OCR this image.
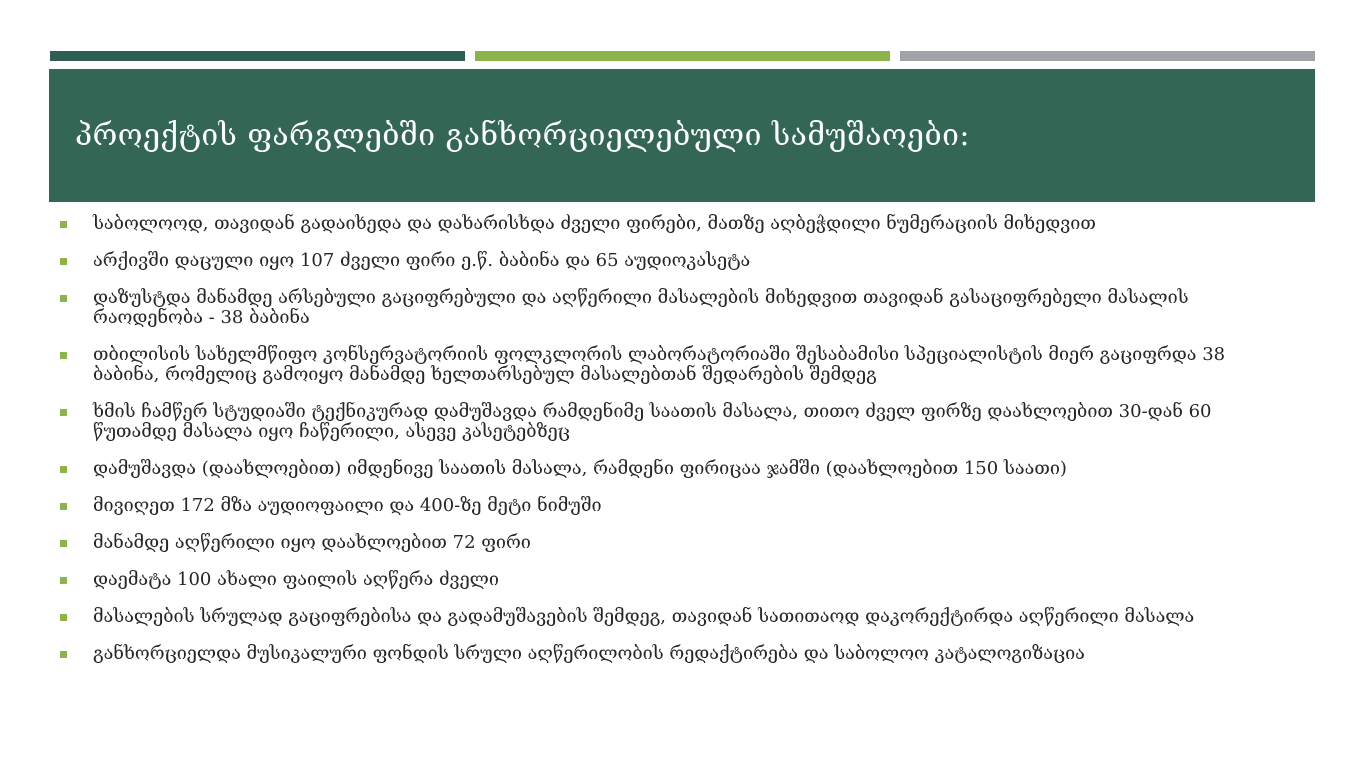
პროექტის ფარგლებში განხორციელებული სამუშაოები:
საბოლოოდ, თავიდან გადაიხედა და დახარისხდა ძველი ფირები, მათზე აღბეჭდილი ნუმერაციის მიხედვით
არქივში დაცული იყო 107 ძველი ფირი ე.წ. ბაბინა და 65 აუდიოკასეტა
დაზუსტდა მანამდე არსებული გაციფრებული და აღწერილი მასალების მიხედვით თავიდან გასაციფრებელი მასალის რაოდენობა - 38 ბაბინა
თბილისის სახელმწიფო კონსერვატორიის ფოლკლორის ლაბორატორიაში შესაბამისი სპეციალისტის მიერ გაციფრდა 38 ბაბინა, რომელიც გამოიყო მანამდე ხელთარსებულ მასალებთან შედარების შემდეგ
ხმის ჩამწერ სტუდიაში ტექნიკურად დამუშავდა რამდენიმე საათის მასალა, თითო ძველ ფირზე დაახლოებით 30-დან 60 წუთამდე მასალა იყო ჩაწერილი, ასევე კასეტებზეც
დამუშავდა (დაახლოებით) იმდენივე საათის მასალა, რამდენი ფირიცაა ჯამში (დაახლოებით 150 საათი)
მივიღეთ 172 მზა აუდიოფაილი და 400-ზე მეტი ნიმუში
მანამდე აღწერილი იყო დაახლოებით 72 ფირი
დაემატა 100 ახალი ფაილის აღწერა ძველი
მასალების სრულად გაციფრებისა და გადამუშავების შემდეგ, თავიდან სათითაოდ დაკორექტირდა აღწერილი მასალა
განხორციელდა მუსიკალური ფონდის სრული აღწერილობის რედაქტირება და საბოლოო კატალოგიზაცია
